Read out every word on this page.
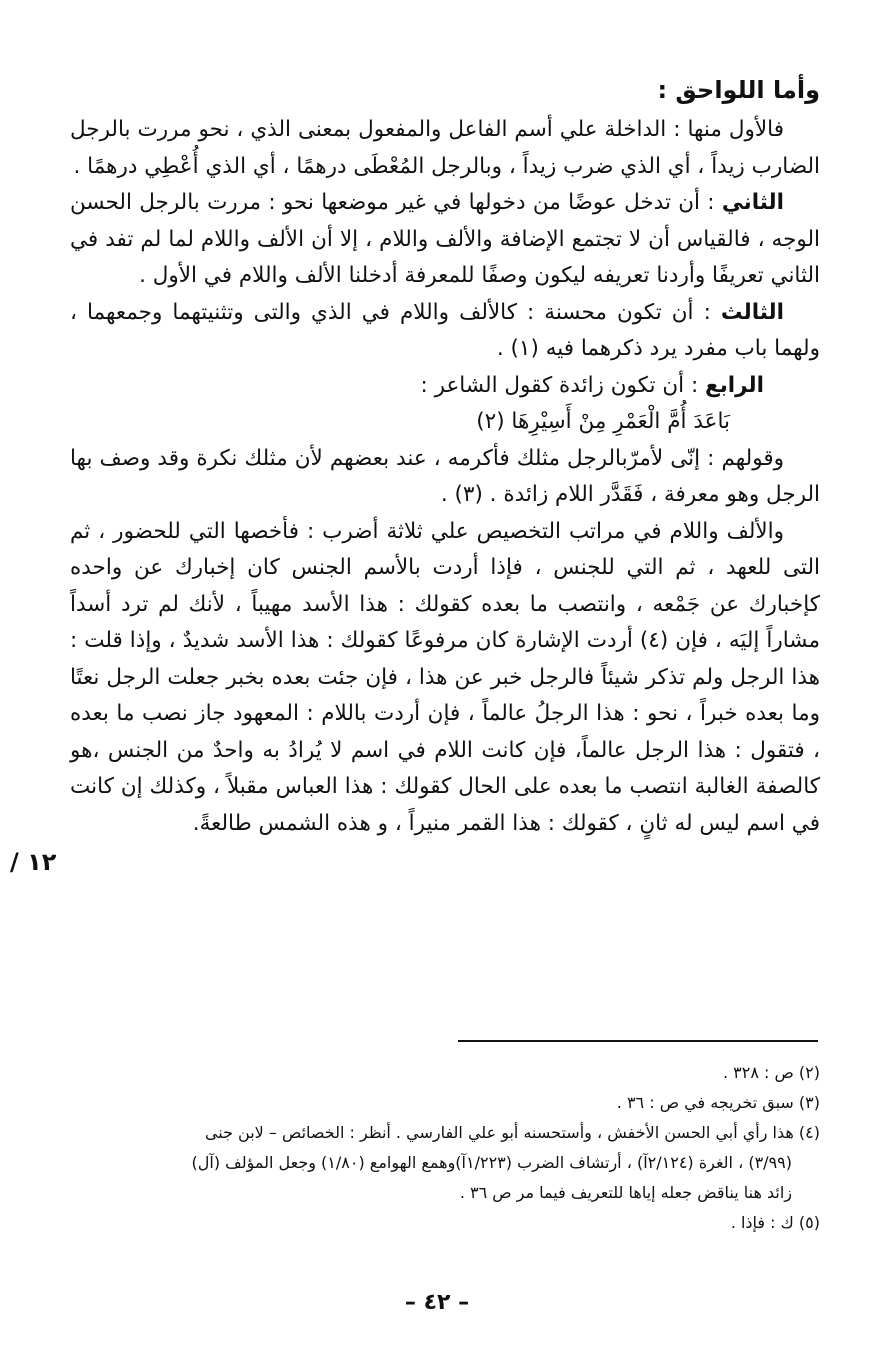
وأما اللواحق :

فالأول منها : الداخلة علي أسم الفاعل والمفعول بمعنى الذي ، نحو مررت بالرجل الضارب زيداً ، أي الذي ضرب زيداً ، وبالرجل المُعْطَى درهمًا ، أي الذي أُعْطِي درهمًا .

الثاني : أن تدخل عوضًا من دخولها في غير موضعها نحو : مررت بالرجل الحسن الوجه ، فالقياس أن لا تجتمع الإضافة والألف واللام ، إلا أن الألف واللام لما لم تفد في الثاني تعريفًا وأردنا تعريفه ليكون وصفًا للمعرفة أدخلنا الألف واللام في الأول .

الثالث : أن تكون محسنة : كالألف واللام في الذي والتى وتثنيتهما وجمعهما ، ولهما باب مفرد يرد ذكرهما فيه (١) .

الرابع : أن تكون زائدة كقول الشاعر :

بَاعَدَ أُمَّ الْعَمْرِ مِنْ أَسِيْرِهَا (٢)

وقولهم : إنّى لأمرّبالرجل مثلك فأكرمه ، عند بعضهم لأن مثلك نكرة وقد وصف بها الرجل وهو معرفة ، فَقَدَّر اللام زائدة . (٣) .

والألف واللام في مراتب التخصيص علي ثلاثة أضرب : فأخصها التي للحضور ، ثم التى للعهد ، ثم التي للجنس ، فإذا أردت بالأسم الجنس كان إخبارك عن واحده كإخبارك عن جَمْعه ، وانتصب ما بعده كقولك : هذا الأسد مهيباً ، لأنك لم ترد أسداً مشاراً إليَه ، فإن (٤) أردت الإشارة كان مرفوعًا كقولك : هذا الأسد شديدٌ ، وإذا قلت : هذا الرجل ولم تذكر شيئاً فالرجل خبر عن هذا ، فإن جئت بعده بخبر جعلت الرجل نعتًا وما بعده خبراً ، نحو : هذا الرجلُ عالماً ، فإن أردت باللام : المعهود جاز نصب ما بعده ، فتقول : هذا الرجل عالماً، فإن كانت اللام في اسم لا يُرادُ به واحدٌ من الجنس ،هو كالصفة الغالبة انتصب ما بعده على الحال كقولك : هذا العباس مقبلاً ، وكذلك إن كانت في اسم ليس له ثانٍ ، كقولك : هذا القمر منيراً ، و هذه الشمس طالعةً.

١٢ /

(٢) ص : ٣٢٨ .

(٣) سبق تخريجه في ص : ٣٦ .

(٤) هذا رأي أبي الحسن الأخفش ، وأستحسنه أبو علي الفارسي . أنظر : الخصائص – لابن جنى

(٣/٩٩) ، الغرة (٢/١٢٤آ) ، أرتشاف الضرب (١/٢٢٣آ)وهمع الهوامع (١/٨٠) وجعل المؤلف (آل)

زائد هنا يناقض جعله إياها للتعريف فيما مر ص ٣٦ .

(٥) ك : فإذا .

– ٤٢ –
